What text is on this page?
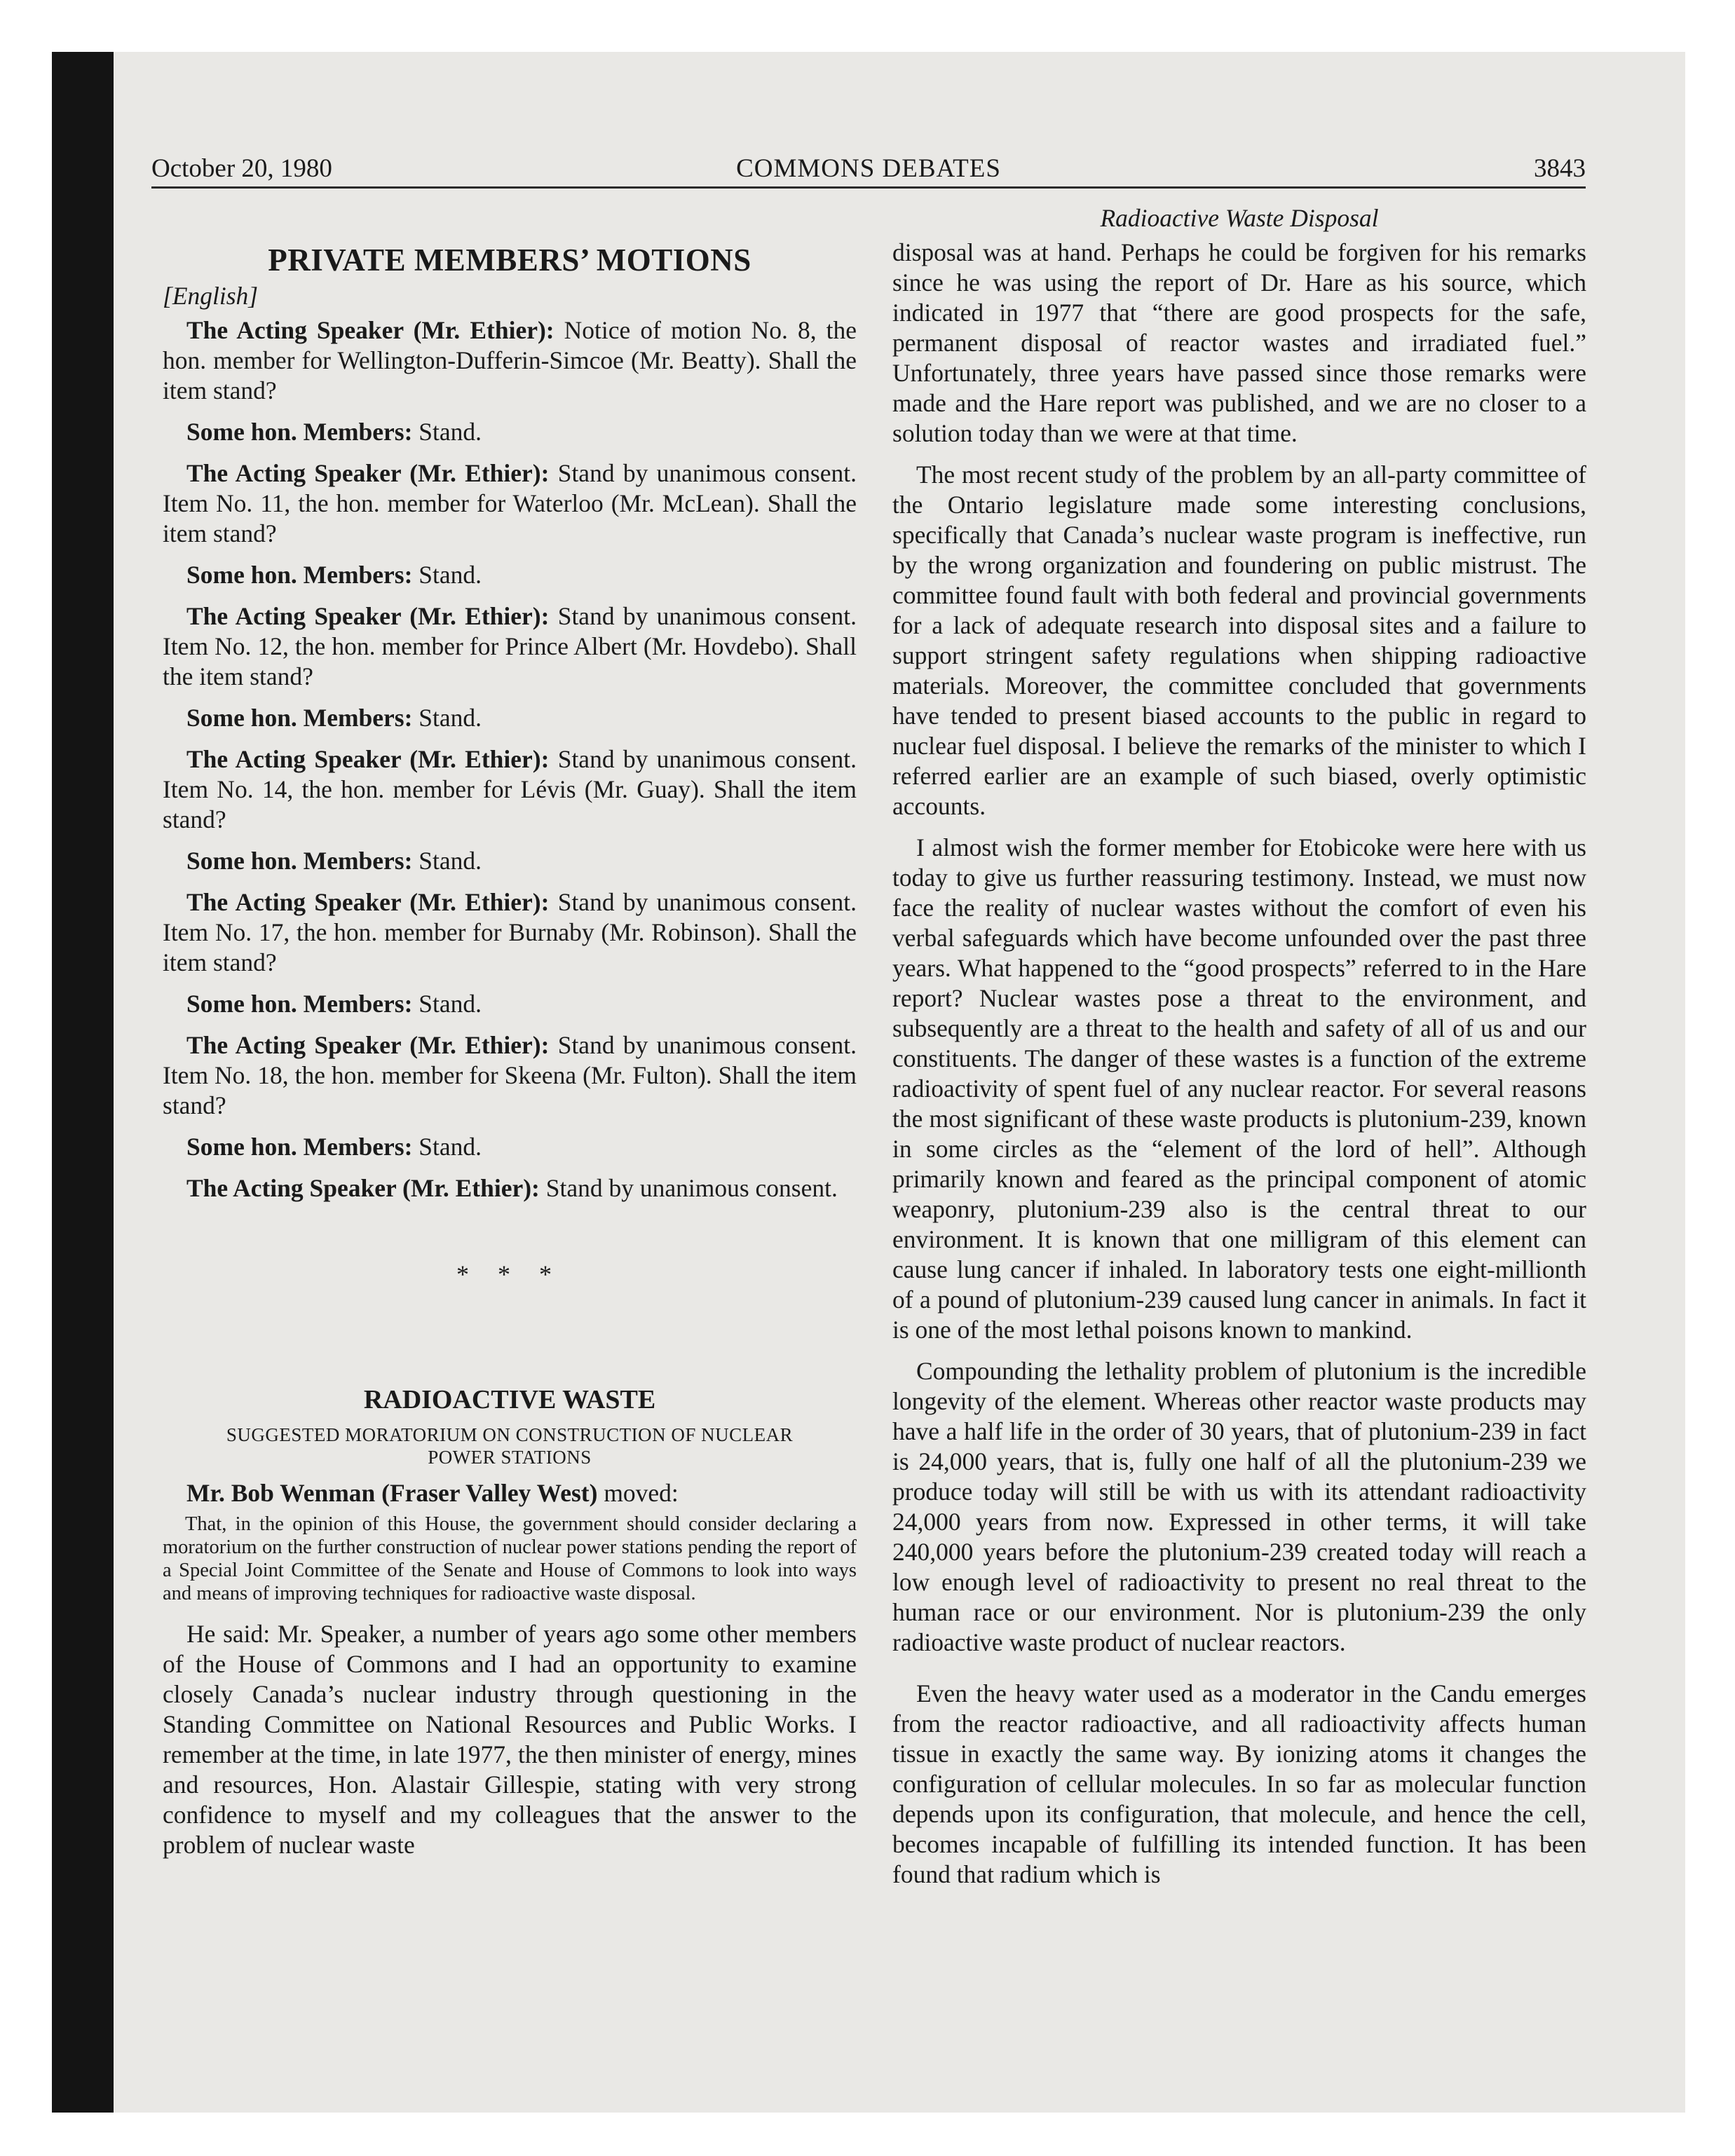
October 20, 1980	COMMONS DEBATES	3843
PRIVATE MEMBERS’ MOTIONS
[English]

The Acting Speaker (Mr. Ethier): Notice of motion No. 8, the hon. member for Wellington-Dufferin-Simcoe (Mr. Beatty). Shall the item stand?

Some hon. Members: Stand.

The Acting Speaker (Mr. Ethier): Stand by unanimous consent. Item No. 11, the hon. member for Waterloo (Mr. McLean). Shall the item stand?

Some hon. Members: Stand.

The Acting Speaker (Mr. Ethier): Stand by unanimous consent. Item No. 12, the hon. member for Prince Albert (Mr. Hovdebo). Shall the item stand?

Some hon. Members: Stand.

The Acting Speaker (Mr. Ethier): Stand by unanimous consent. Item No. 14, the hon. member for Lévis (Mr. Guay). Shall the item stand?

Some hon. Members: Stand.

The Acting Speaker (Mr. Ethier): Stand by unanimous consent. Item No. 17, the hon. member for Burnaby (Mr. Robinson). Shall the item stand?

Some hon. Members: Stand.

The Acting Speaker (Mr. Ethier): Stand by unanimous consent. Item No. 18, the hon. member for Skeena (Mr. Fulton). Shall the item stand?

Some hon. Members: Stand.

The Acting Speaker (Mr. Ethier): Stand by unanimous consent.

* * *
RADIOACTIVE WASTE
SUGGESTED MORATORIUM ON CONSTRUCTION OF NUCLEAR POWER STATIONS

Mr. Bob Wenman (Fraser Valley West) moved:

That, in the opinion of this House, the government should consider declaring a moratorium on the further construction of nuclear power stations pending the report of a Special Joint Committee of the Senate and House of Commons to look into ways and means of improving techniques for radioactive waste disposal.

He said: Mr. Speaker, a number of years ago some other members of the House of Commons and I had an opportunity to examine closely Canada’s nuclear industry through questioning in the Standing Committee on National Resources and Public Works. I remember at the time, in late 1977, the then minister of energy, mines and resources, Hon. Alastair Gillespie, stating with very strong confidence to myself and my colleagues that the answer to the problem of nuclear waste

Radioactive Waste Disposal

disposal was at hand. Perhaps he could be forgiven for his remarks since he was using the report of Dr. Hare as his source, which indicated in 1977 that “there are good prospects for the safe, permanent disposal of reactor wastes and irradiated fuel.” Unfortunately, three years have passed since those remarks were made and the Hare report was published, and we are no closer to a solution today than we were at that time.

The most recent study of the problem by an all-party committee of the Ontario legislature made some interesting conclusions, specifically that Canada’s nuclear waste program is ineffective, run by the wrong organization and foundering on public mistrust. The committee found fault with both federal and provincial governments for a lack of adequate research into disposal sites and a failure to support stringent safety regulations when shipping radioactive materials. Moreover, the committee concluded that governments have tended to present biased accounts to the public in regard to nuclear fuel disposal. I believe the remarks of the minister to which I referred earlier are an example of such biased, overly optimistic accounts.

I almost wish the former member for Etobicoke were here with us today to give us further reassuring testimony. Instead, we must now face the reality of nuclear wastes without the comfort of even his verbal safeguards which have become unfounded over the past three years. What happened to the “good prospects” referred to in the Hare report? Nuclear wastes pose a threat to the environment, and subsequently are a threat to the health and safety of all of us and our constituents. The danger of these wastes is a function of the extreme radioactivity of spent fuel of any nuclear reactor. For several reasons the most significant of these waste products is plutonium-239, known in some circles as the “element of the lord of hell”. Although primarily known and feared as the principal component of atomic weaponry, plutonium-239 also is the central threat to our environment. It is known that one milligram of this element can cause lung cancer if inhaled. In laboratory tests one eight-millionth of a pound of plutonium-239 caused lung cancer in animals. In fact it is one of the most lethal poisons known to mankind.

Compounding the lethality problem of plutonium is the incredible longevity of the element. Whereas other reactor waste products may have a half life in the order of 30 years, that of plutonium-239 in fact is 24,000 years, that is, fully one half of all the plutonium-239 we produce today will still be with us with its attendant radioactivity 24,000 years from now. Expressed in other terms, it will take 240,000 years before the plutonium-239 created today will reach a low enough level of radioactivity to present no real threat to the human race or our environment. Nor is plutonium-239 the only radioactive waste product of nuclear reactors.

Even the heavy water used as a moderator in the Candu emerges from the reactor radioactive, and all radioactivity affects human tissue in exactly the same way. By ionizing atoms it changes the configuration of cellular molecules. In so far as molecular function depends upon its configuration, that molecule, and hence the cell, becomes incapable of fulfilling its intended function. It has been found that radium which is
